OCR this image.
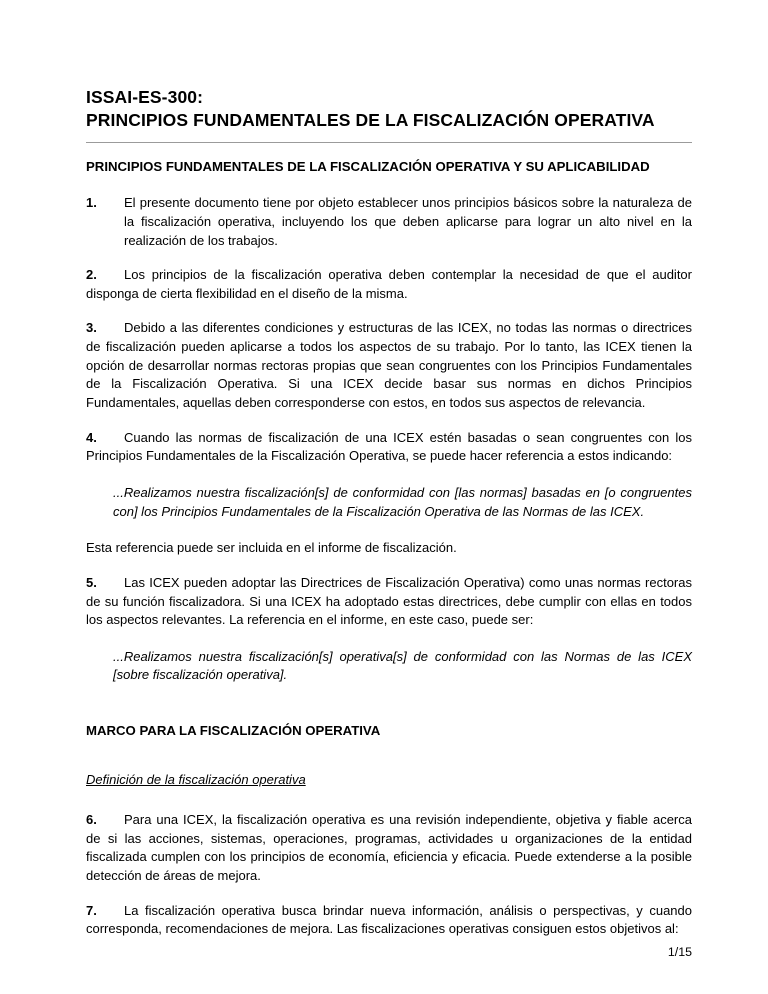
ISSAI-ES-300:
PRINCIPIOS FUNDAMENTALES DE LA FISCALIZACIÓN OPERATIVA
PRINCIPIOS FUNDAMENTALES DE LA FISCALIZACIÓN OPERATIVA Y SU APLICABILIDAD

1. El presente documento tiene por objeto establecer unos principios básicos sobre la naturaleza de la fiscalización operativa, incluyendo los que deben aplicarse para lograr un alto nivel en la realización de los trabajos.

2. Los principios de la fiscalización operativa deben contemplar la necesidad de que el auditor disponga de cierta flexibilidad en el diseño de la misma.

3. Debido a las diferentes condiciones y estructuras de las ICEX, no todas las normas o directrices de fiscalización pueden aplicarse a todos los aspectos de su trabajo. Por lo tanto, las ICEX tienen la opción de desarrollar normas rectoras propias que sean congruentes con los Principios Fundamentales de la Fiscalización Operativa. Si una ICEX decide basar sus normas en dichos Principios Fundamentales, aquellas deben corresponderse con estos, en todos sus aspectos de relevancia.

4. Cuando las normas de fiscalización de una ICEX estén basadas o sean congruentes con los Principios Fundamentales de la Fiscalización Operativa, se puede hacer referencia a estos indicando:

...Realizamos nuestra fiscalización[s] de conformidad con [las normas] basadas en [o congruentes con] los Principios Fundamentales de la Fiscalización Operativa de las Normas de las ICEX.

Esta referencia puede ser incluida en el informe de fiscalización.

5. Las ICEX pueden adoptar las Directrices de Fiscalización Operativa) como unas normas rectoras de su función fiscalizadora. Si una ICEX ha adoptado estas directrices, debe cumplir con ellas en todos los aspectos relevantes. La referencia en el informe, en este caso, puede ser:

...Realizamos nuestra fiscalización[s] operativa[s] de conformidad con las Normas de las ICEX [sobre fiscalización operativa].

MARCO PARA LA FISCALIZACIÓN OPERATIVA

Definición de la fiscalización operativa

6. Para una ICEX, la fiscalización operativa es una revisión independiente, objetiva y fiable acerca de si las acciones, sistemas, operaciones, programas, actividades u organizaciones de la entidad fiscalizada cumplen con los principios de economía, eficiencia y eficacia. Puede extenderse a la posible detección de áreas de mejora.

7. La fiscalización operativa busca brindar nueva información, análisis o perspectivas, y cuando corresponda, recomendaciones de mejora. Las fiscalizaciones operativas consiguen estos objetivos al:

1/15
